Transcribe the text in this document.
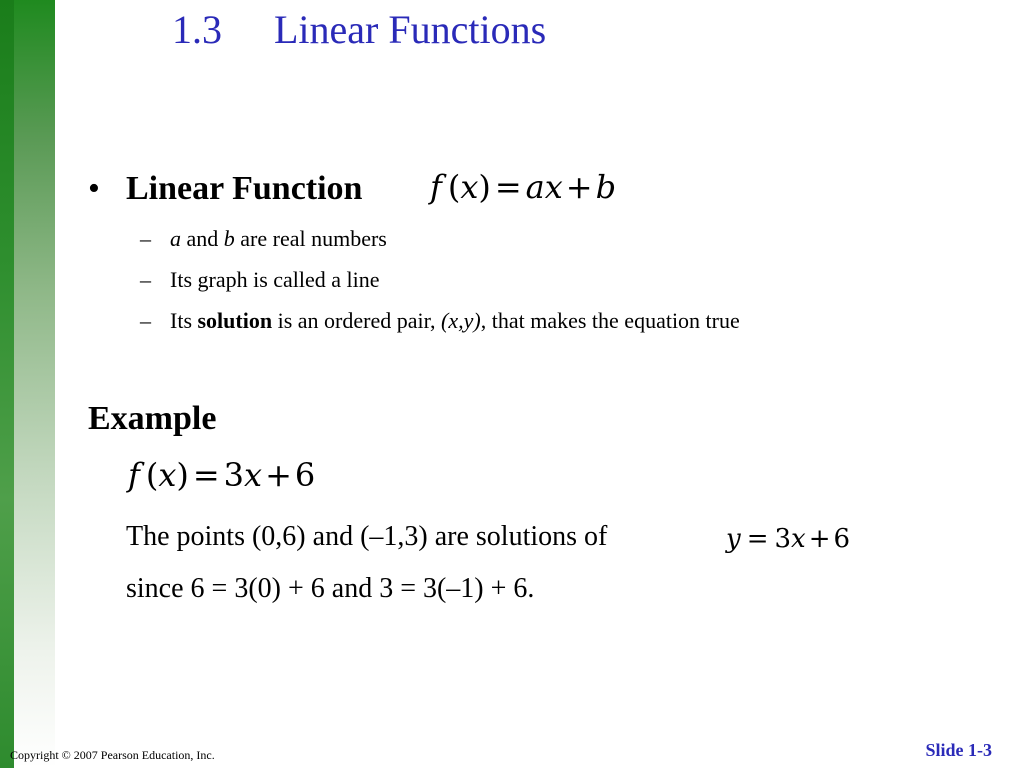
1.3 Linear Functions
• Linear Function f (x) = ax+b
– a and b are real numbers
– Its graph is called a line
– Its solution is an ordered pair, (x,y), that makes the equation true
Example
f (x) = 3x+6
The points (0,6) and (–1,3) are solutions of	y = 3x + 6
since 6 = 3(0) + 6 and 3 = 3(–1) + 6.
Copyright © 2007 Pearson Education, Inc.	Slide 1-3
